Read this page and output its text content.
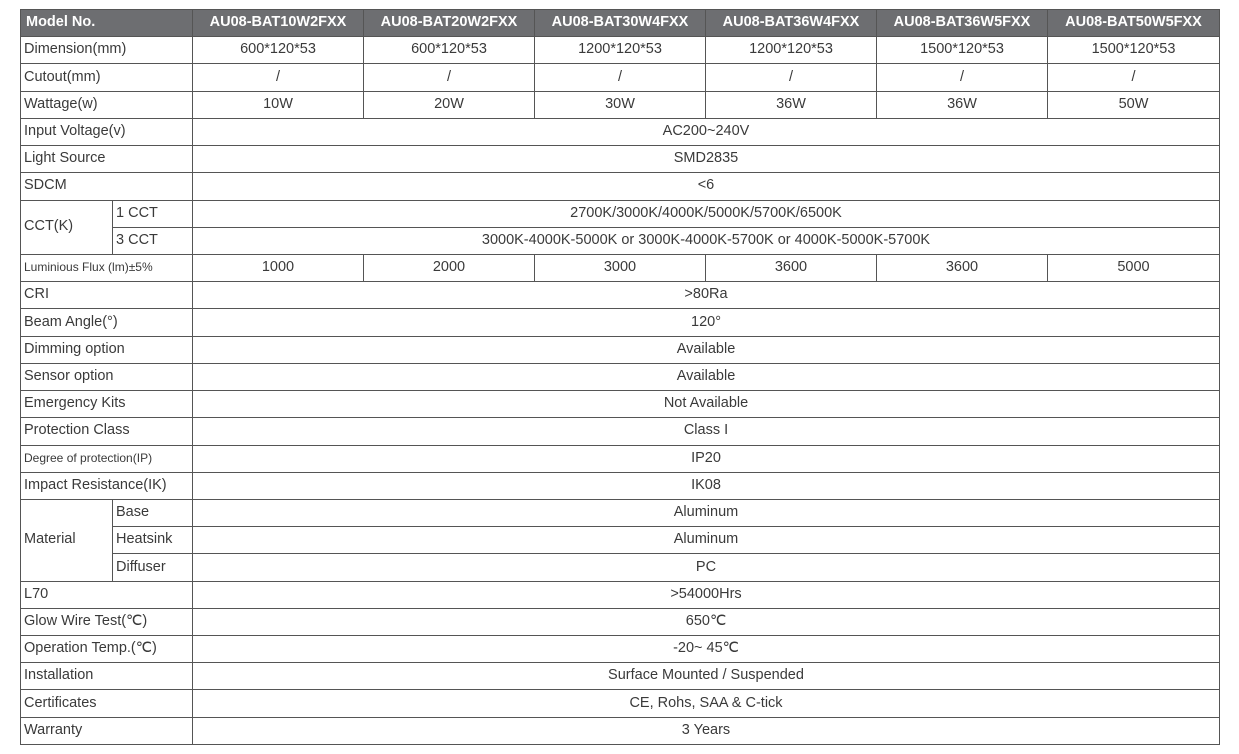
Model No.		AU08-BAT10W2FXX	AU08-BAT20W2FXX	AU08-BAT30W4FXX	AU08-BAT36W4FXX	AU08-BAT36W5FXX	AU08-BAT50W5FXX
Dimension(mm)		600*120*53	600*120*53	1200*120*53	1200*120*53	1500*120*53	1500*120*53
Cutout(mm)		/	/	/	/	/	/
Wattage(w)		10W	20W	30W	36W	36W	50W
Input Voltage(v)		AC200~240V					
Light Source		SMD2835					
SDCM		<6					
CCT(K)	1 CCT	2700K/3000K/4000K/5000K/5700K/6500K					
	3 CCT	3000K-4000K-5000K or 3000K-4000K-5700K or 4000K-5000K-5700K					
Luminious Flux (lm)±5%		1000	2000	3000	3600	3600	5000
CRI		>80Ra					
Beam Angle(°)		120°					
Dimming option		Available					
Sensor option		Available					
Emergency Kits		Not Available					
Protection Class		Class I					
Degree of protection(IP)		IP20					
Impact Resistance(IK)		IK08					
Material	Base	Aluminum					
	Heatsink	Aluminum					
	Diffuser	PC					
L70		>54000Hrs					
Glow Wire Test(℃)		650℃					
Operation Temp.(℃)		-20~ 45℃					
Installation		Surface Mounted / Suspended					
Certificates		CE, Rohs, SAA & C-tick					
Warranty		3 Years					
